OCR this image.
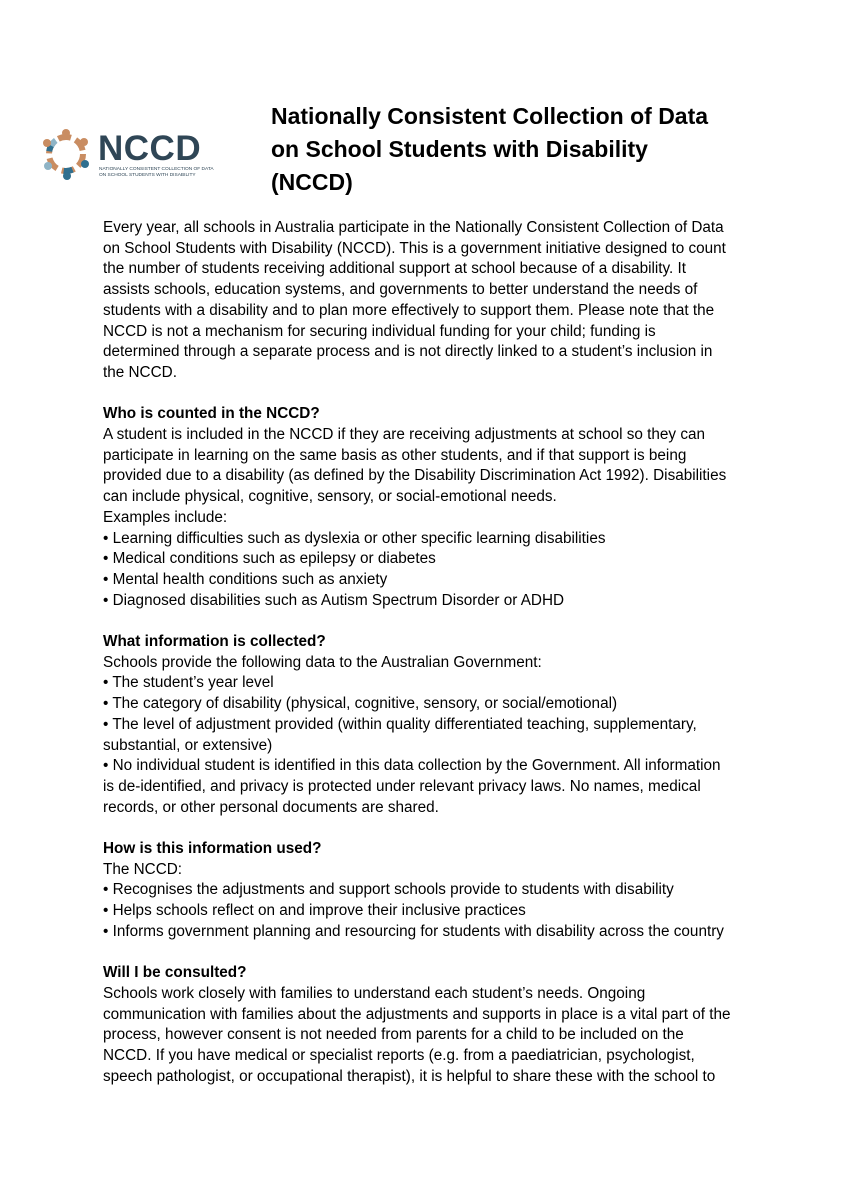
NCCD
NATIONALLY CONSISTENT COLLECTION OF DATA
ON SCHOOL STUDENTS WITH DISABILITY
Nationally Consistent Collection of Data
on School Students with Disability
(NCCD)

Every year, all schools in Australia participate in the Nationally Consistent Collection of Data

on School Students with Disability (NCCD). This is a government initiative designed to count

the number of students receiving additional support at school because of a disability. It

assists schools, education systems, and governments to better understand the needs of

students with a disability and to plan more effectively to support them. Please note that the

NCCD is not a mechanism for securing individual funding for your child; funding is

determined through a separate process and is not directly linked to a student’s inclusion in

the NCCD.

Who is counted in the NCCD?

A student is included in the NCCD if they are receiving adjustments at school so they can

participate in learning on the same basis as other students, and if that support is being

provided due to a disability (as defined by the Disability Discrimination Act 1992). Disabilities

can include physical, cognitive, sensory, or social-emotional needs.

Examples include:

• Learning difficulties such as dyslexia or other specific learning disabilities

• Medical conditions such as epilepsy or diabetes

• Mental health conditions such as anxiety

• Diagnosed disabilities such as Autism Spectrum Disorder or ADHD

What information is collected?

Schools provide the following data to the Australian Government:

• The student’s year level

• The category of disability (physical, cognitive, sensory, or social/emotional)

• The level of adjustment provided (within quality differentiated teaching, supplementary,

substantial, or extensive)

• No individual student is identified in this data collection by the Government. All information

is de-identified, and privacy is protected under relevant privacy laws. No names, medical

records, or other personal documents are shared.

How is this information used?

The NCCD:

• Recognises the adjustments and support schools provide to students with disability

• Helps schools reflect on and improve their inclusive practices

• Informs government planning and resourcing for students with disability across the country

Will I be consulted?

Schools work closely with families to understand each student’s needs. Ongoing

communication with families about the adjustments and supports in place is a vital part of the

process, however consent is not needed from parents for a child to be included on the

NCCD. If you have medical or specialist reports (e.g. from a paediatrician, psychologist,

speech pathologist, or occupational therapist), it is helpful to share these with the school to
